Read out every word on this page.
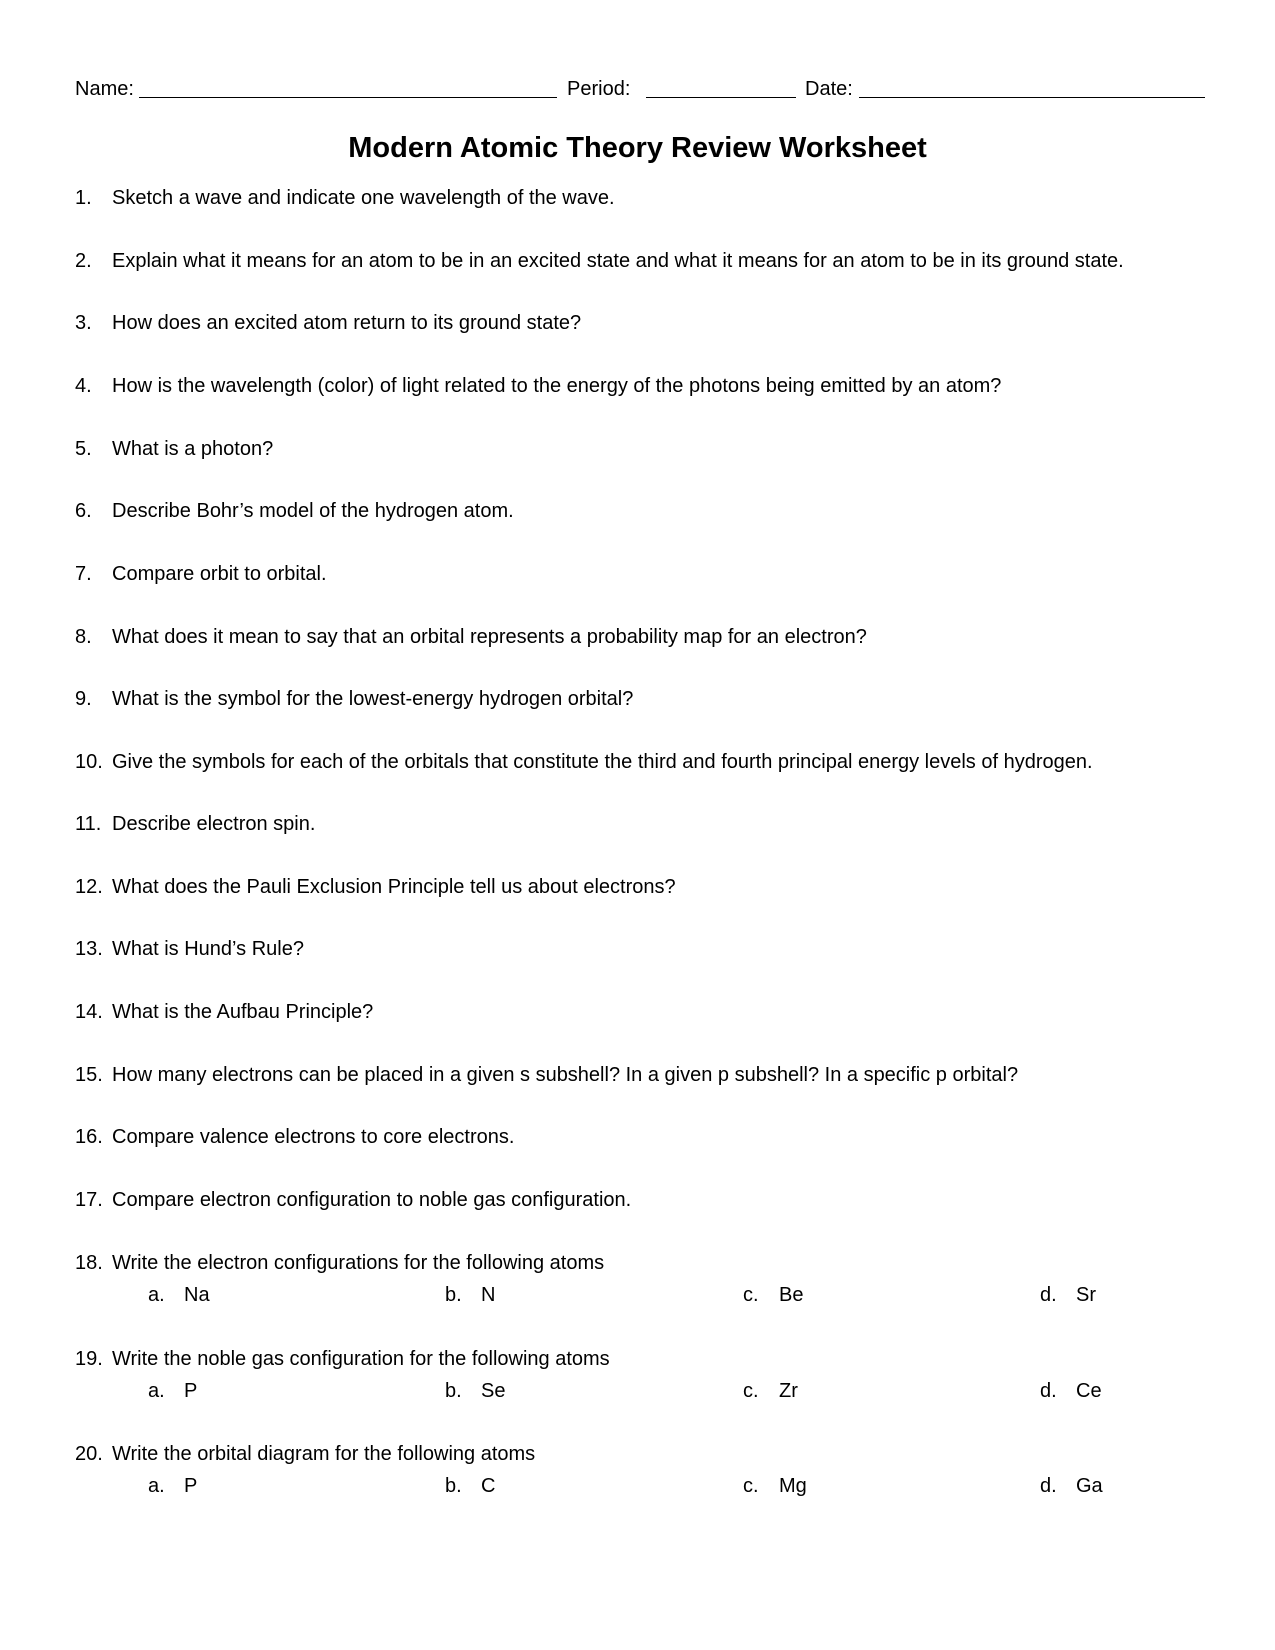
Name:	Period:	Date:
Modern Atomic Theory Review Worksheet
1. Sketch a wave and indicate one wavelength of the wave.
2. Explain what it means for an atom to be in an excited state and what it means for an atom to be in its ground state.
3. How does an excited atom return to its ground state?
4. How is the wavelength (color) of light related to the energy of the photons being emitted by an atom?
5. What is a photon?
6. Describe Bohr’s model of the hydrogen atom.
7. Compare orbit to orbital.
8. What does it mean to say that an orbital represents a probability map for an electron?
9. What is the symbol for the lowest-energy hydrogen orbital?
10. Give the symbols for each of the orbitals that constitute the third and fourth principal energy levels of hydrogen.
11. Describe electron spin.
12. What does the Pauli Exclusion Principle tell us about electrons?
13. What is Hund’s Rule?
14. What is the Aufbau Principle?
15. How many electrons can be placed in a given s subshell? In a given p subshell? In a specific p orbital?
16. Compare valence electrons to core electrons.
17. Compare electron configuration to noble gas configuration.
18. Write the electron configurations for the following atoms
a. Na	b. N	c. Be	d. Sr
19. Write the noble gas configuration for the following atoms
a. P	b. Se	c. Zr	d. Ce
20. Write the orbital diagram for the following atoms
a. P	b. C	c. Mg	d. Ga
